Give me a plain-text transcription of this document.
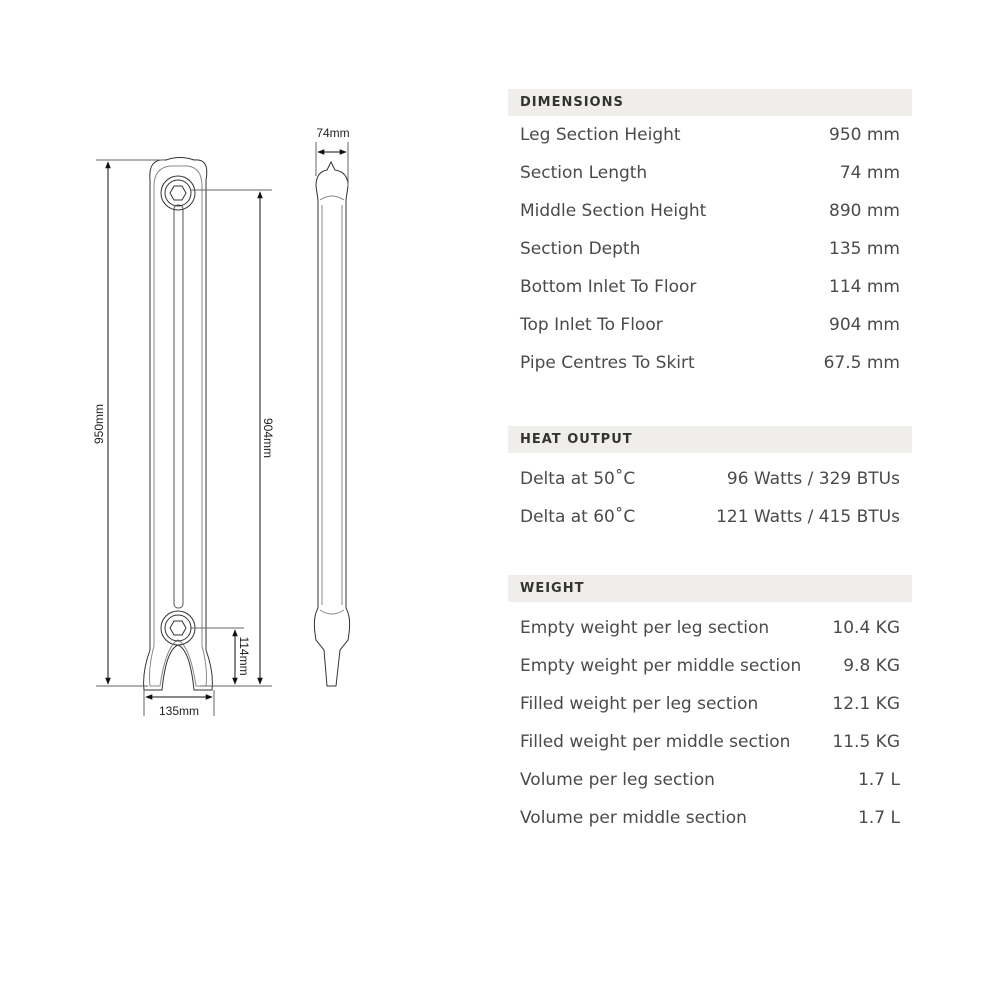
950mm	904mm
114mm
135mm
74mm
DIMENSIONS
Leg Section Height	950 mm
Section Length	74 mm
Middle Section Height	890 mm
Section Depth	135 mm
Bottom Inlet To Floor	114 mm
Top Inlet To Floor	904 mm
Pipe Centres To Skirt	67.5 mm
HEAT OUTPUT
Delta at 50˚C	96 Watts / 329 BTUs
Delta at 60˚C	121 Watts / 415 BTUs
WEIGHT
Empty weight per leg section	10.4 KG
Empty weight per middle section 9.8 KG
Filled weight per leg section	12.1 KG
Filled weight per middle section 11.5 KG
Volume per leg section	1.7 L
Volume per middle section	1.7 L
